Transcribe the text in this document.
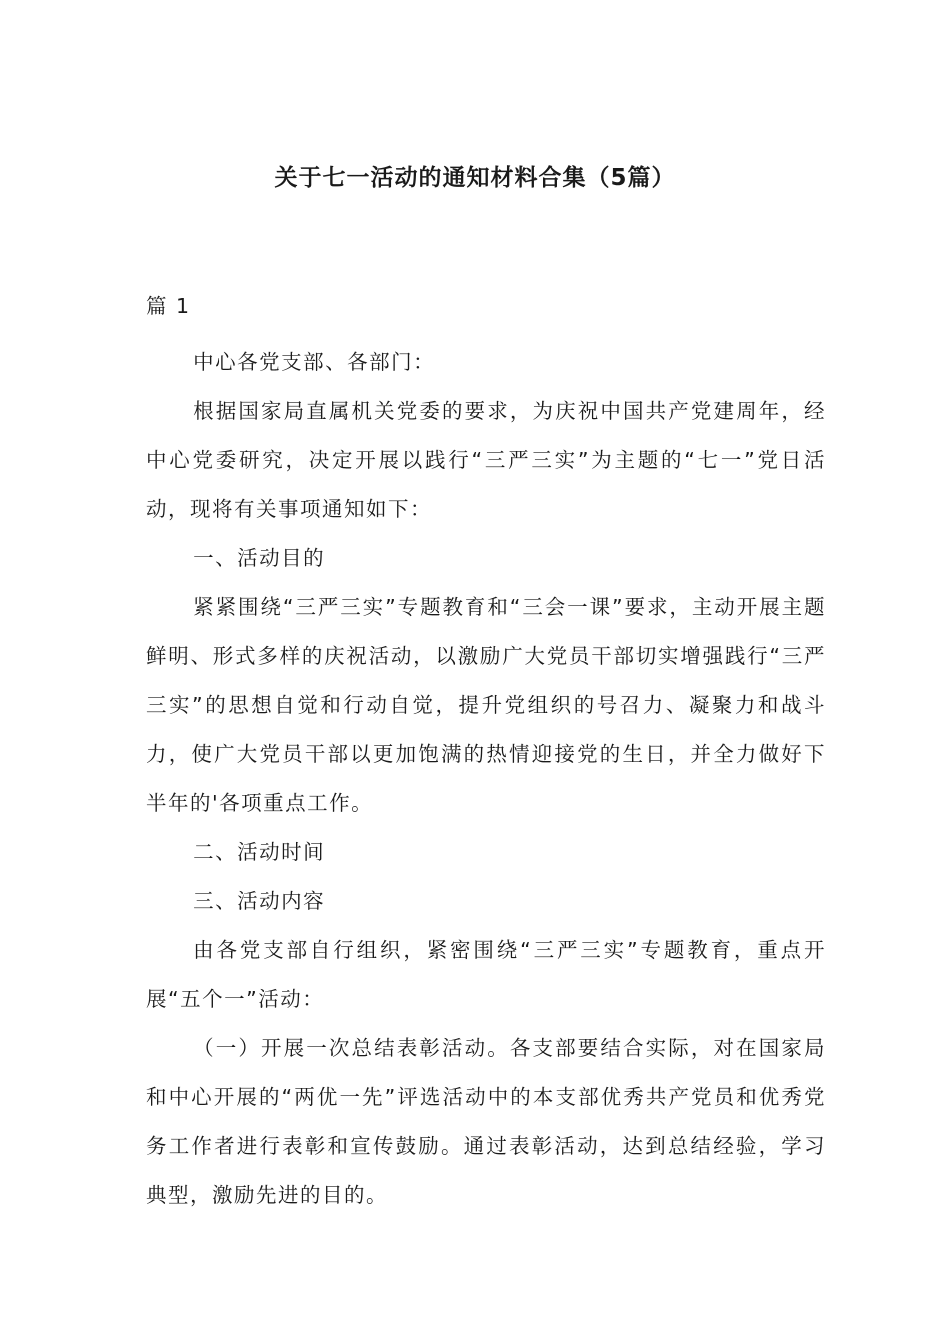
关于七一活动的通知材料合集（5篇）

篇 1

中心各党支部、各部门：

根据国家局直属机关党委的要求，为庆祝中国共产党建周年，经中心党委研究，决定开展以践行“三严三实”为主题的“七一”党日活动，现将有关事项通知如下：

一、活动目的

紧紧围绕“三严三实”专题教育和“三会一课”要求，主动开展主题鲜明、形式多样的庆祝活动，以激励广大党员干部切实增强践行“三严三实”的思想自觉和行动自觉，提升党组织的号召力、凝聚力和战斗力，使广大党员干部以更加饱满的热情迎接党的生日，并全力做好下半年的'各项重点工作。

二、活动时间

三、活动内容

由各党支部自行组织，紧密围绕“三严三实”专题教育，重点开展“五个一”活动：

（一）开展一次总结表彰活动。各支部要结合实际，对在国家局和中心开展的“两优一先”评选活动中的本支部优秀共产党员和优秀党务工作者进行表彰和宣传鼓励。通过表彰活动，达到总结经验，学习典型，激励先进的目的。
